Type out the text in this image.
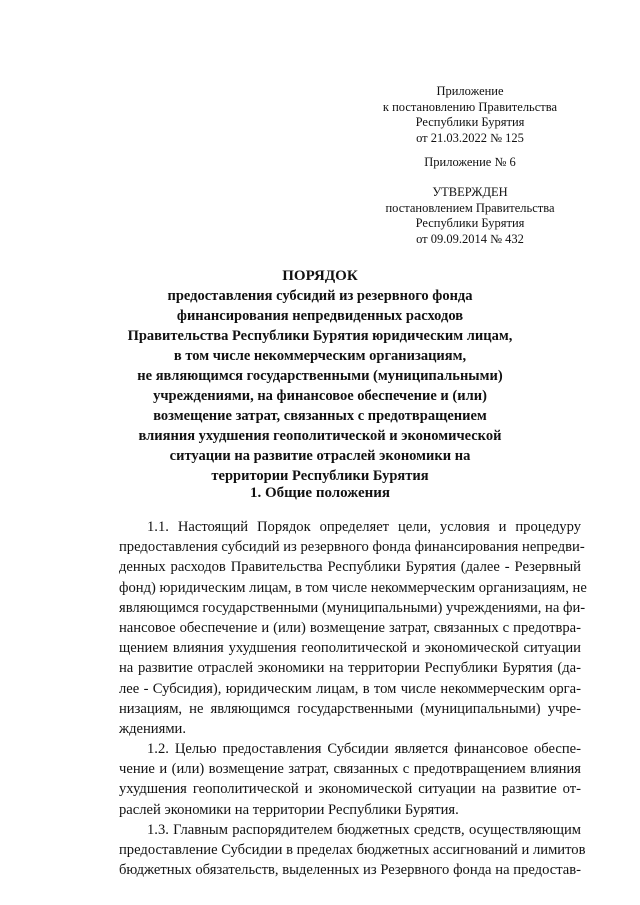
Приложение
к постановлению Правительства
Республики Бурятия
от 21.03.2022 № 125
Приложение № 6
УТВЕРЖДЕН
постановлением Правительства
Республики Бурятия
от 09.09.2014 № 432
ПОРЯДОК
предоставления субсидий из резервного фонда
финансирования непредвиденных расходов
Правительства Республики Бурятия юридическим лицам,
в том числе некоммерческим организациям,
не являющимся государственными (муниципальными)
учреждениями, на финансовое обеспечение и (или)
возмещение затрат, связанных с предотвращением
влияния ухудшения геополитической и экономической
ситуации на развитие отраслей экономики на
территории Республики Бурятия
1. Общие положения
1.1. Настоящий Порядок определяет цели, условия и процедуру
предоставления субсидий из резервного фонда финансирования непредви-
денных расходов Правительства Республики Бурятия (далее - Резервный
фонд) юридическим лицам, в том числе некоммерческим организациям, не
являющимся государственными (муниципальными) учреждениями, на фи-
нансовое обеспечение и (или) возмещение затрат, связанных с предотвра-
щением влияния ухудшения геополитической и экономической ситуации
на развитие отраслей экономики на территории Республики Бурятия (да-
лее - Субсидия), юридическим лицам, в том числе некоммерческим орга-
низациям, не являющимся государственными (муниципальными) учре-
ждениями.
1.2. Целью предоставления Субсидии является финансовое обеспе-
чение и (или) возмещение затрат, связанных с предотвращением влияния
ухудшения геополитической и экономической ситуации на развитие от-
раслей экономики на территории Республики Бурятия.
1.3. Главным распорядителем бюджетных средств, осуществляющим
предоставление Субсидии в пределах бюджетных ассигнований и лимитов
бюджетных обязательств, выделенных из Резервного фонда на предостав-
